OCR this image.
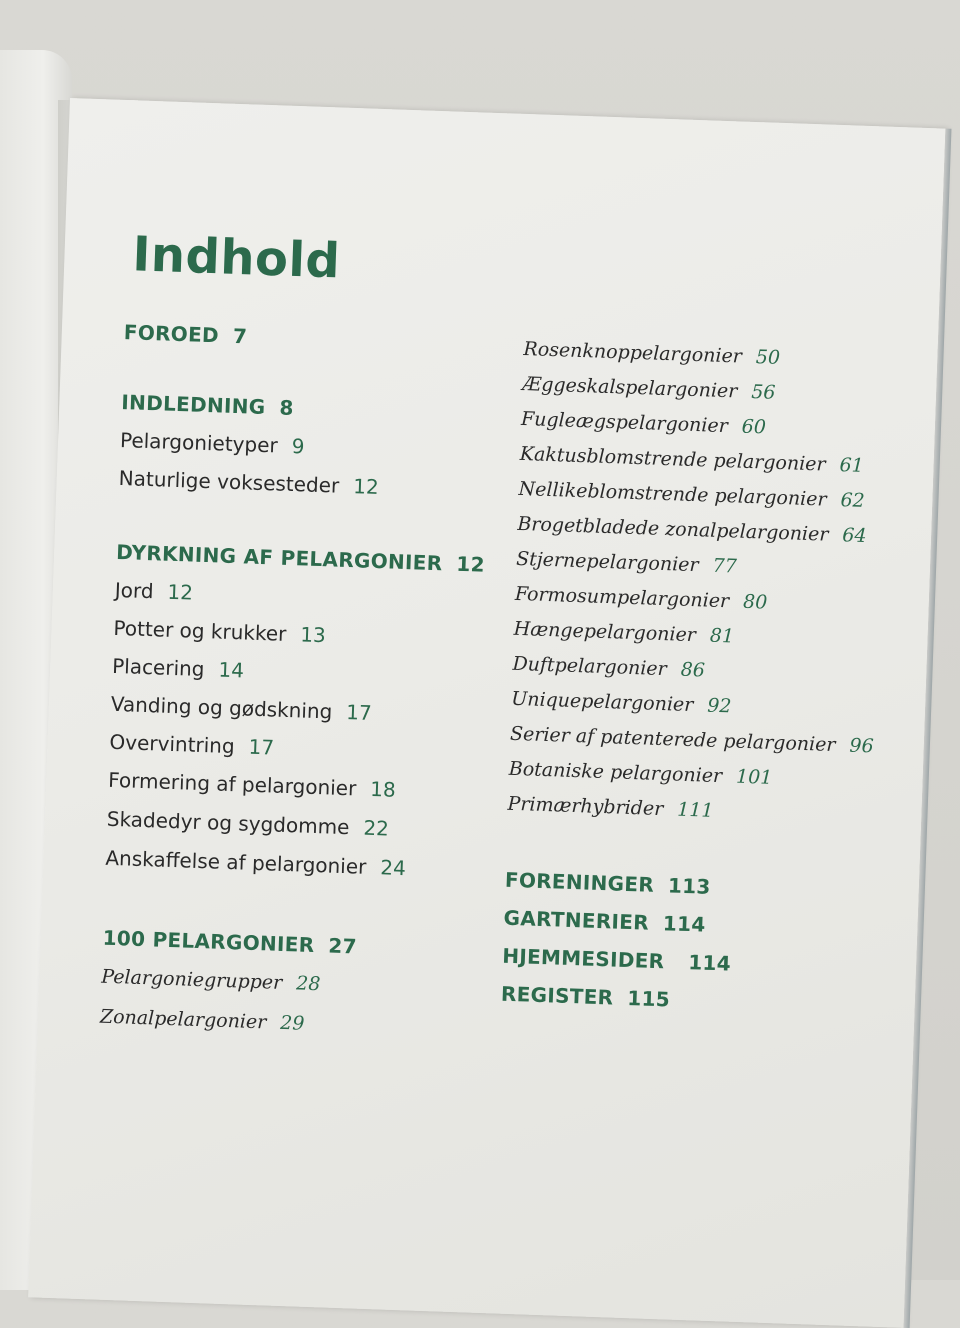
Indhold
FOROED 7
INDLEDNING 8
Pelargonietyper 9
Naturlige voksesteder 12
DYRKNING AF PELARGONIER 12
Jord 12
Potter og krukker 13
Placering 14
Vanding og gødskning 17
Overvintring 17
Formering af pelargonier 18
Skadedyr og sygdomme 22
Anskaffelse af pelargonier 24
100 PELARGONIER 27
Pelargoniegrupper 28
Zonalpelargonier 29
Rosenknoppelargonier 50
Æggeskalspelargonier 56
Fugleægspelargonier 60
Kaktusblomstrende pelargonier 61
Nellikeblomstrende pelargonier 62
Brogetbladede zonalpelargonier 64
Stjernepelargonier 77
Formosumpelargonier 80
Hængepelargonier 81
Duftpelargonier 86
Uniquepelargonier 92
Serier af patenterede pelargonier 96
Botaniske pelargonier 101
Primærhybrider 111
FORENINGER 113
GARTNERIER 114
HJEMMESIDER 114
REGISTER 115
